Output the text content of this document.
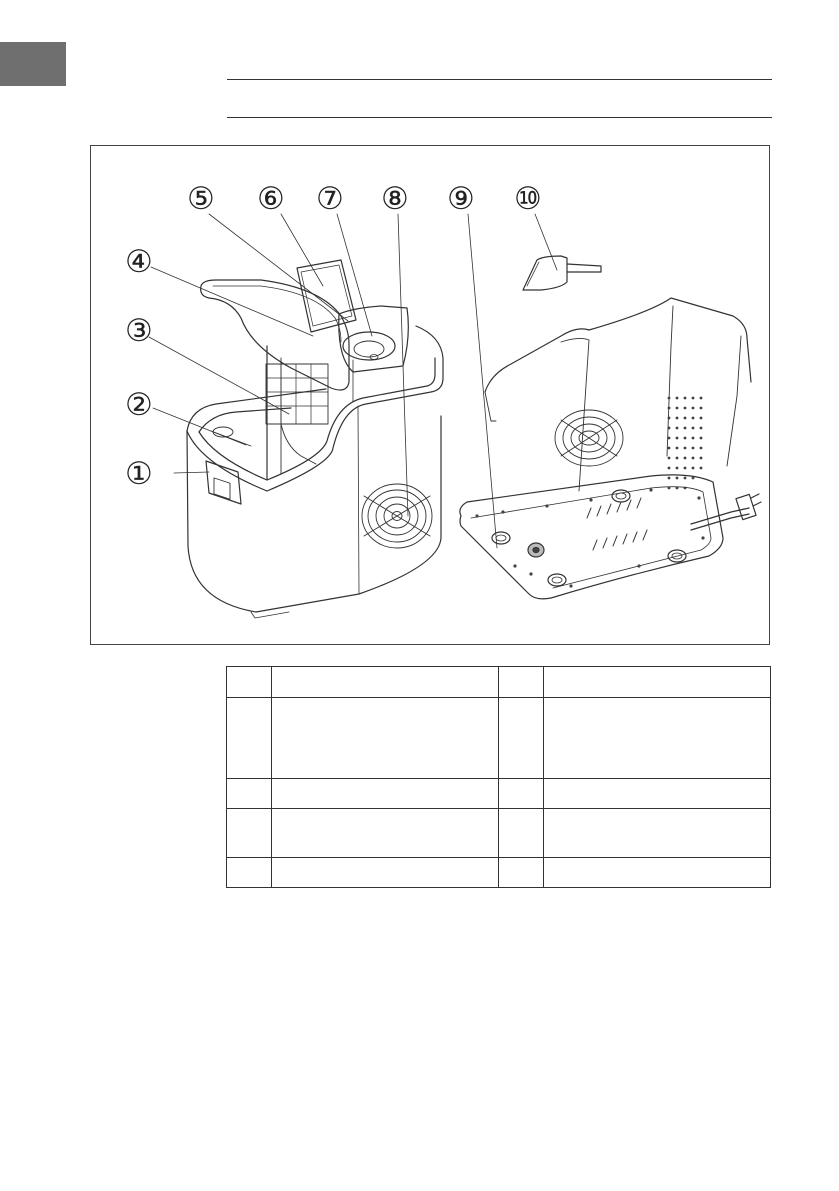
①
②
③
④
⑤ ⑥ ⑦ ⑧ ⑨ ⑩
